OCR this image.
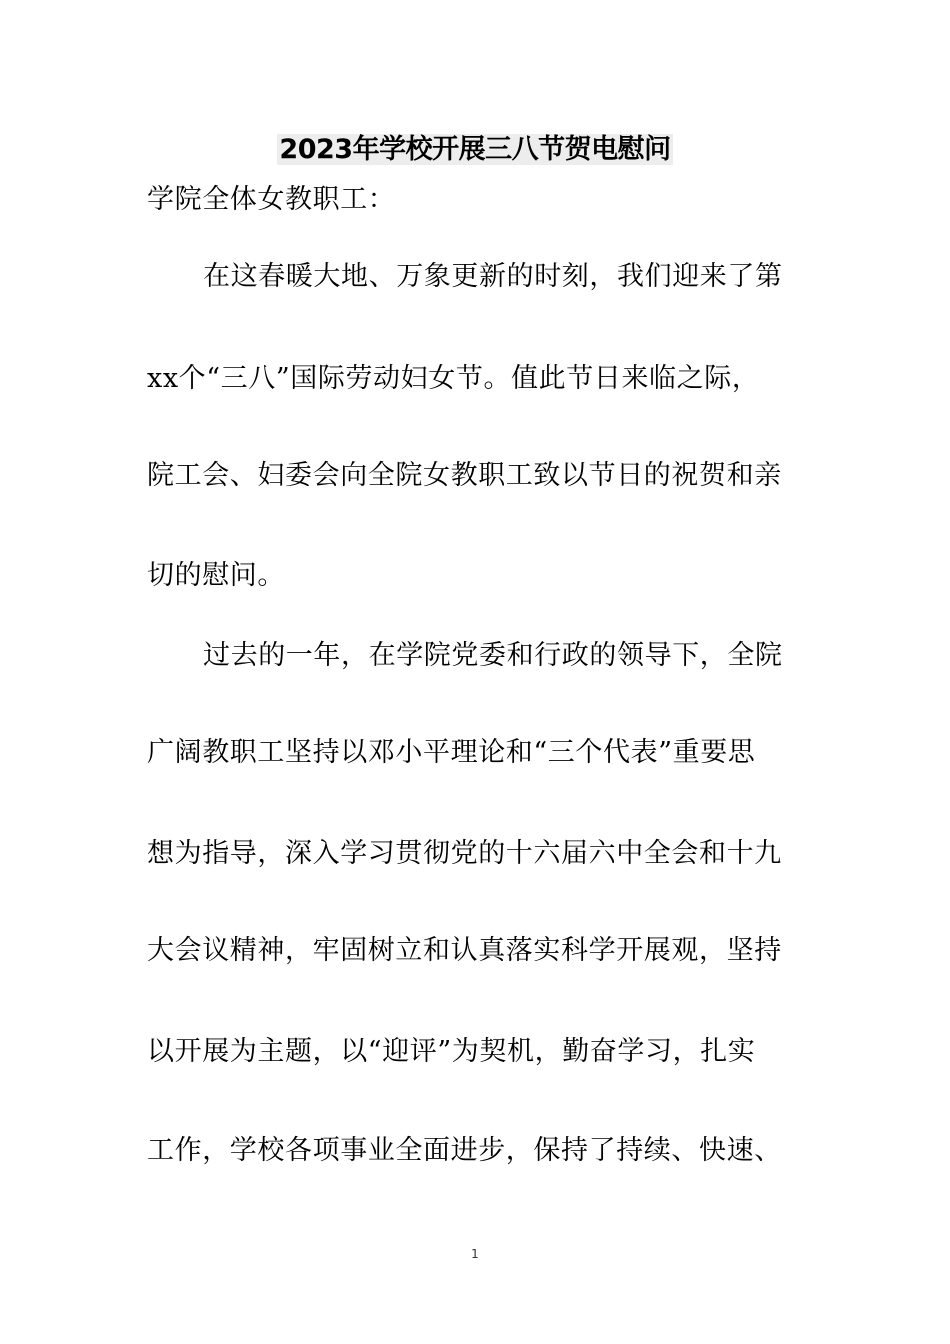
2023年学校开展三八节贺电慰问
学院全体女教职工：
在这春暖大地、万象更新的时刻，我们迎来了第
xx个“三八”国际劳动妇女节。值此节日来临之际，
院工会、妇委会向全院女教职工致以节日的祝贺和亲
切的慰问。
过去的一年，在学院党委和行政的领导下，全院
广阔教职工坚持以邓小平理论和“三个代表”重要思
想为指导，深入学习贯彻党的十六届六中全会和十九
大会议精神，牢固树立和认真落实科学开展观，坚持
以开展为主题，以“迎评”为契机，勤奋学习，扎实
工作，学校各项事业全面进步，保持了持续、快速、
1
